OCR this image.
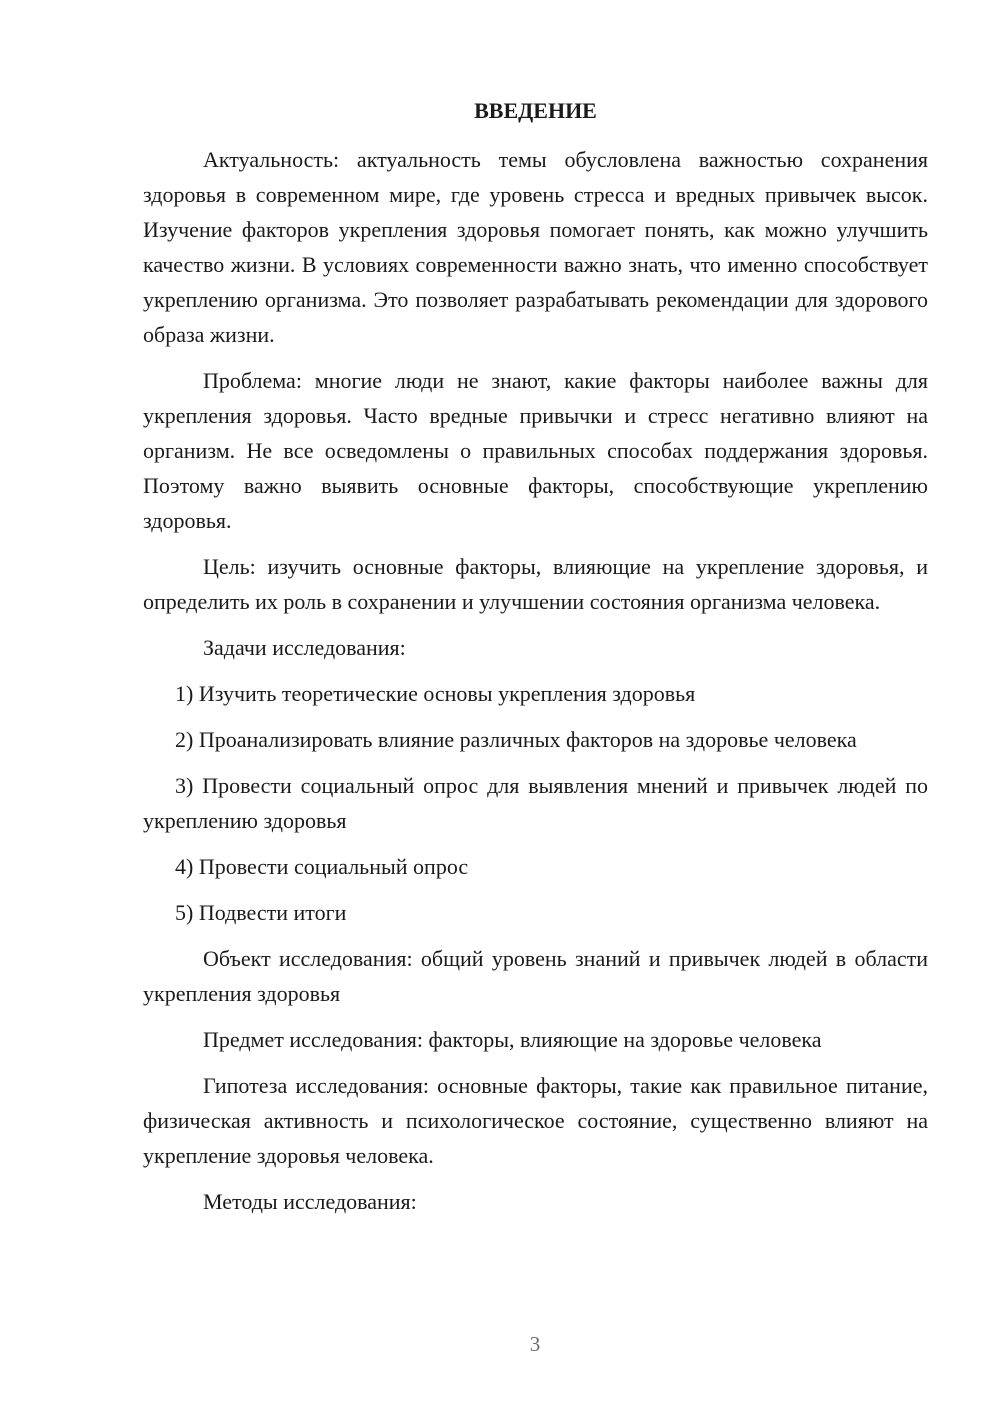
ВВЕДЕНИЕ

Актуальность: актуальность темы обусловлена важностью сохранения здоровья в современном мире, где уровень стресса и вредных привычек высок. Изучение факторов укрепления здоровья помогает понять, как можно улучшить качество жизни. В условиях современности важно знать, что именно способствует укреплению организма. Это позволяет разрабатывать рекомендации для здорового образа жизни.

Проблема: многие люди не знают, какие факторы наиболее важны для укрепления здоровья. Часто вредные привычки и стресс негативно влияют на организм. Не все осведомлены о правильных способах поддержания здоровья. Поэтому важно выявить основные факторы, способствующие укреплению здоровья.

Цель: изучить основные факторы, влияющие на укрепление здоровья, и определить их роль в сохранении и улучшении состояния организма человека.

Задачи исследования:

1) Изучить теоретические основы укрепления здоровья

2) Проанализировать влияние различных факторов на здоровье человека

3) Провести социальный опрос для выявления мнений и привычек людей по укреплению здоровья

4) Провести социальный опрос

5) Подвести итоги

Объект исследования: общий уровень знаний и привычек людей в области укрепления здоровья

Предмет исследования: факторы, влияющие на здоровье человека

Гипотеза исследования: основные факторы, такие как правильное питание, физическая активность и психологическое состояние, существенно влияют на укрепление здоровья человека.

Методы исследования:

3
